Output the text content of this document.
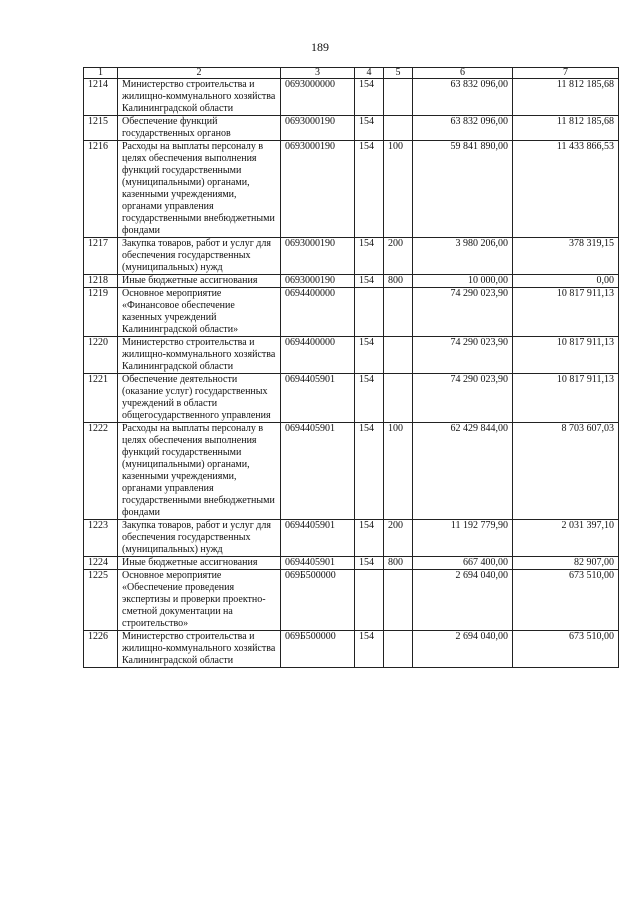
189
1	2	3	4	5	6	7
1214	Министерство строительства и жилищно-коммунального хозяйства Калининградской области	0693000000	154		63 832 096,00	11 812 185,68
1215	Обеспечение функций государственных органов	0693000190	154		63 832 096,00	11 812 185,68
1216	Расходы на выплаты персоналу в целях обеспечения выполнения функций государственными (муниципальными) органами, казенными учреждениями, органами управления государственными внебюджетными фондами	0693000190	154	100	59 841 890,00	11 433 866,53
1217	Закупка товаров, работ и услуг для обеспечения государственных (муниципальных) нужд	0693000190	154	200	3 980 206,00	378 319,15
1218	Иные бюджетные ассигнования	0693000190	154	800	10 000,00	0,00
1219	Основное мероприятие «Финансовое обеспечение казенных учреждений Калининградской области»	0694400000			74 290 023,90	10 817 911,13
1220	Министерство строительства и жилищно-коммунального хозяйства Калининградской области	0694400000	154		74 290 023,90	10 817 911,13
1221	Обеспечение деятельности (оказание услуг) государственных учреждений в области общегосударственного управления	0694405901	154		74 290 023,90	10 817 911,13
1222	Расходы на выплаты персоналу в целях обеспечения выполнения функций государственными (муниципальными) органами, казенными учреждениями, органами управления государственными внебюджетными фондами	0694405901	154	100	62 429 844,00	8 703 607,03
1223	Закупка товаров, работ и услуг для обеспечения государственных (муниципальных) нужд	0694405901	154	200	11 192 779,90	2 031 397,10
1224	Иные бюджетные ассигнования	0694405901	154	800	667 400,00	82 907,00
1225	Основное мероприятие «Обеспечение проведения экспертизы и проверки проектно-сметной документации на строительство»	069Б500000			2 694 040,00	673 510,00
1226	Министерство строительства и жилищно-коммунального хозяйства Калининградской области	069Б500000	154		2 694 040,00	673 510,00
